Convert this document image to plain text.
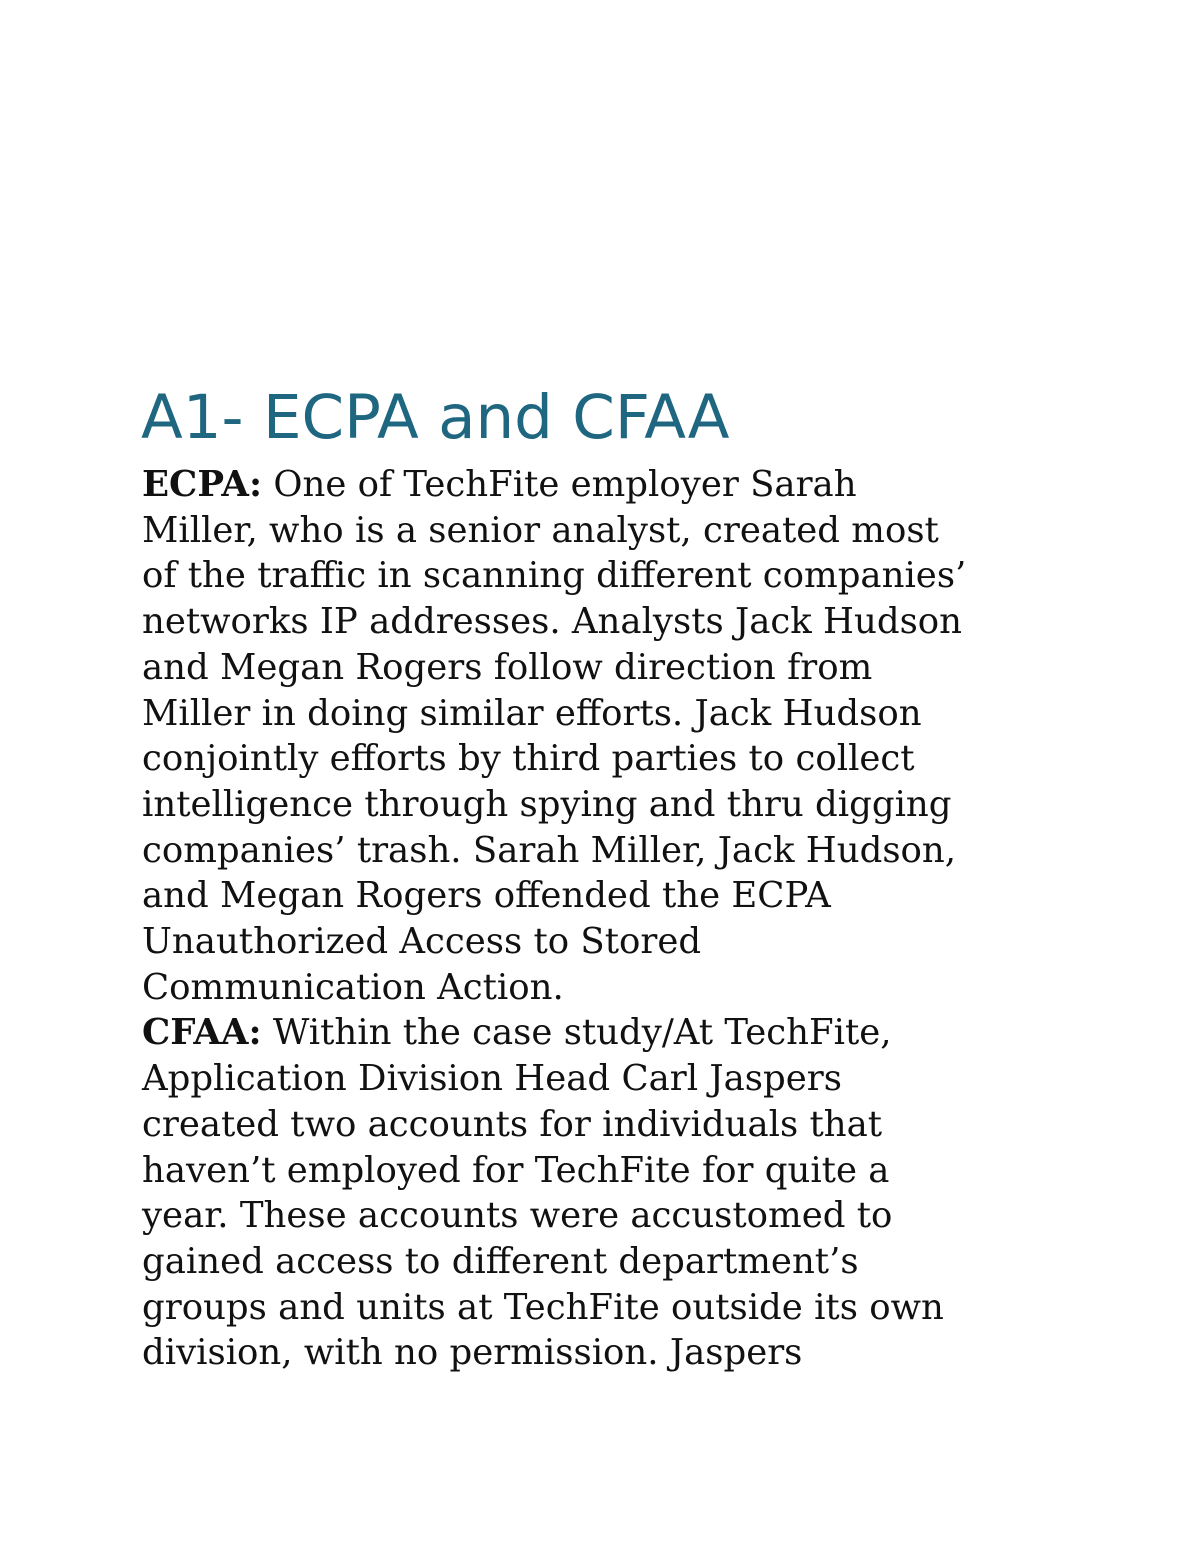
A1- ECPA and CFAA

ECPA: One of TechFite employer Sarah
Miller, who is a senior analyst, created most
of the traffic in scanning different companies’
networks IP addresses. Analysts Jack Hudson
and Megan Rogers follow direction from
Miller in doing similar efforts. Jack Hudson
conjointly efforts by third parties to collect
intelligence through spying and thru digging
companies’ trash. Sarah Miller, Jack Hudson,
and Megan Rogers offended the ECPA
Unauthorized Access to Stored
Communication Action.

CFAA: Within the case study/At TechFite,
Application Division Head Carl Jaspers
created two accounts for individuals that
haven’t employed for TechFite for quite a
year. These accounts were accustomed to
gained access to different department’s
groups and units at TechFite outside its own
division, with no permission. Jaspers
